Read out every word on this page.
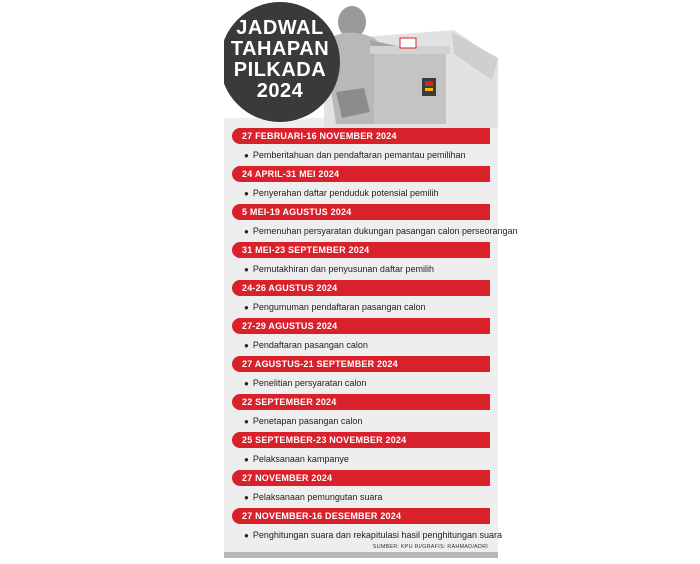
JADWAL
TAHAPAN
PILKADA
2024
27 FEBRUARI-16 NOVEMBER 2024
● Pemberitahuan dan pendaftaran pemantau pemilihan
24 APRIL-31 MEI 2024
● Penyerahan daftar penduduk potensial pemilih
5 MEI-19 AGUSTUS 2024
● Pemenuhan persyaratan dukungan pasangan calon perseorangan
31 MEI-23 SEPTEMBER 2024
● Pemutakhiran dan penyusunan daftar pemilih
24-26 AGUSTUS 2024
● Pengumuman pendaftaran pasangan calon
27-29 AGUSTUS 2024
● Pendaftaran pasangan calon
27 AGUSTUS-21 SEPTEMBER 2024
● Penelitian persyaratan calon
22 SEPTEMBER 2024
● Penetapan pasangan calon
25 SEPTEMBER-23 NOVEMBER 2024
● Pelaksanaan kampanye
27 NOVEMBER 2024
● Pelaksanaan pemungutan suara
27 NOVEMBER-16 DESEMBER 2024
● Penghitungan suara dan rekapitulasi hasil penghitungan suara
SUMBER: KPU RI/GRAFIS: RAHMAD/ADRI
